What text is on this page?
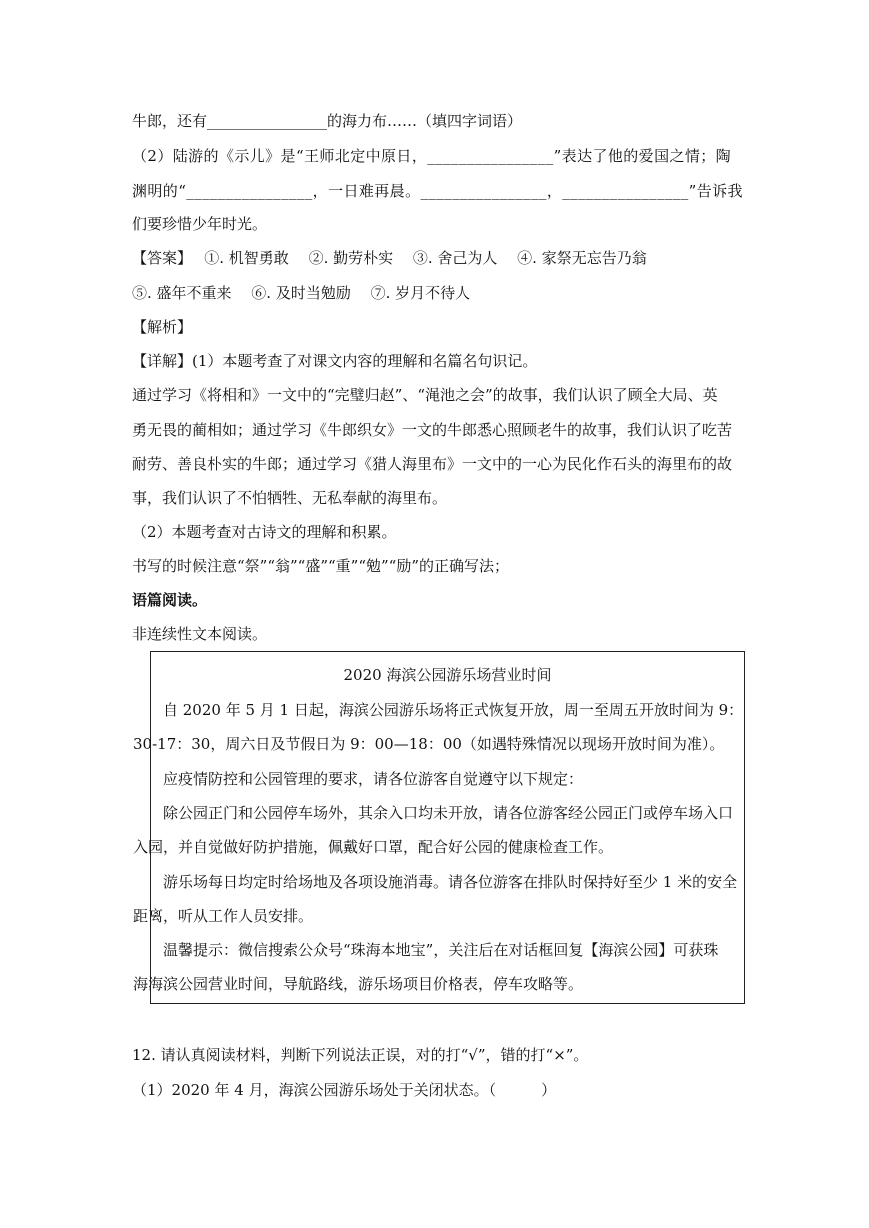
牛郎，还有________________的海力布……（填四字词语）
（2）陆游的《示儿》是“王师北定中原日，________________”表达了他的爱国之情；陶
渊明的“________________，一日难再晨。________________，________________”告诉我
们要珍惜少年时光。
【答案】　 ①. 机智勇敢　 ②. 勤劳朴实　 ③. 舍己为人　 ④. 家祭无忘告乃翁
⑤. 盛年不重来　 ⑥. 及时当勉励　 ⑦. 岁月不待人
【解析】
【详解】(1）本题考查了对课文内容的理解和名篇名句识记。
通过学习《将相和》一文中的“完璧归赵”、“渑池之会”的故事，我们认识了顾全大局、英
勇无畏的蔺相如；通过学习《牛郎织女》一文的牛郎悉心照顾老牛的故事，我们认识了吃苦
耐劳、善良朴实的牛郎；通过学习《猎人海里布》一文中的一心为民化作石头的海里布的故
事，我们认识了不怕牺牲、无私奉献的海里布。
（2）本题考查对古诗文的理解和积累。
书写的时候注意“祭”“翁”“盛”“重”“勉”“励”的正确写法；
语篇阅读。
非连续性文本阅读。
2020 海滨公园游乐场营业时间
自 2020 年 5 月 1 日起，海滨公园游乐场将正式恢复开放，周一至周五开放时间为 9：
30-17：30，周六日及节假日为 9：00—18：00（如遇特殊情况以现场开放时间为准）。
应疫情防控和公园管理的要求，请各位游客自觉遵守以下规定：
除公园正门和公园停车场外，其余入口均未开放，请各位游客经公园正门或停车场入口
入园，并自觉做好防护措施，佩戴好口罩，配合好公园的健康检查工作。
游乐场每日均定时给场地及各项设施消毒。请各位游客在排队时保持好至少 1 米的安全
距离，听从工作人员安排。
温馨提示：微信搜索公众号“珠海本地宝”，关注后在对话框回复【海滨公园】可获珠
海海滨公园营业时间，导航路线，游乐场项目价格表，停车攻略等。
12. 请认真阅读材料，判断下列说法正误，对的打“√”，错的打“×”。
（1）2020 年 4 月，海滨公园游乐场处于关闭状态。（　　　）
